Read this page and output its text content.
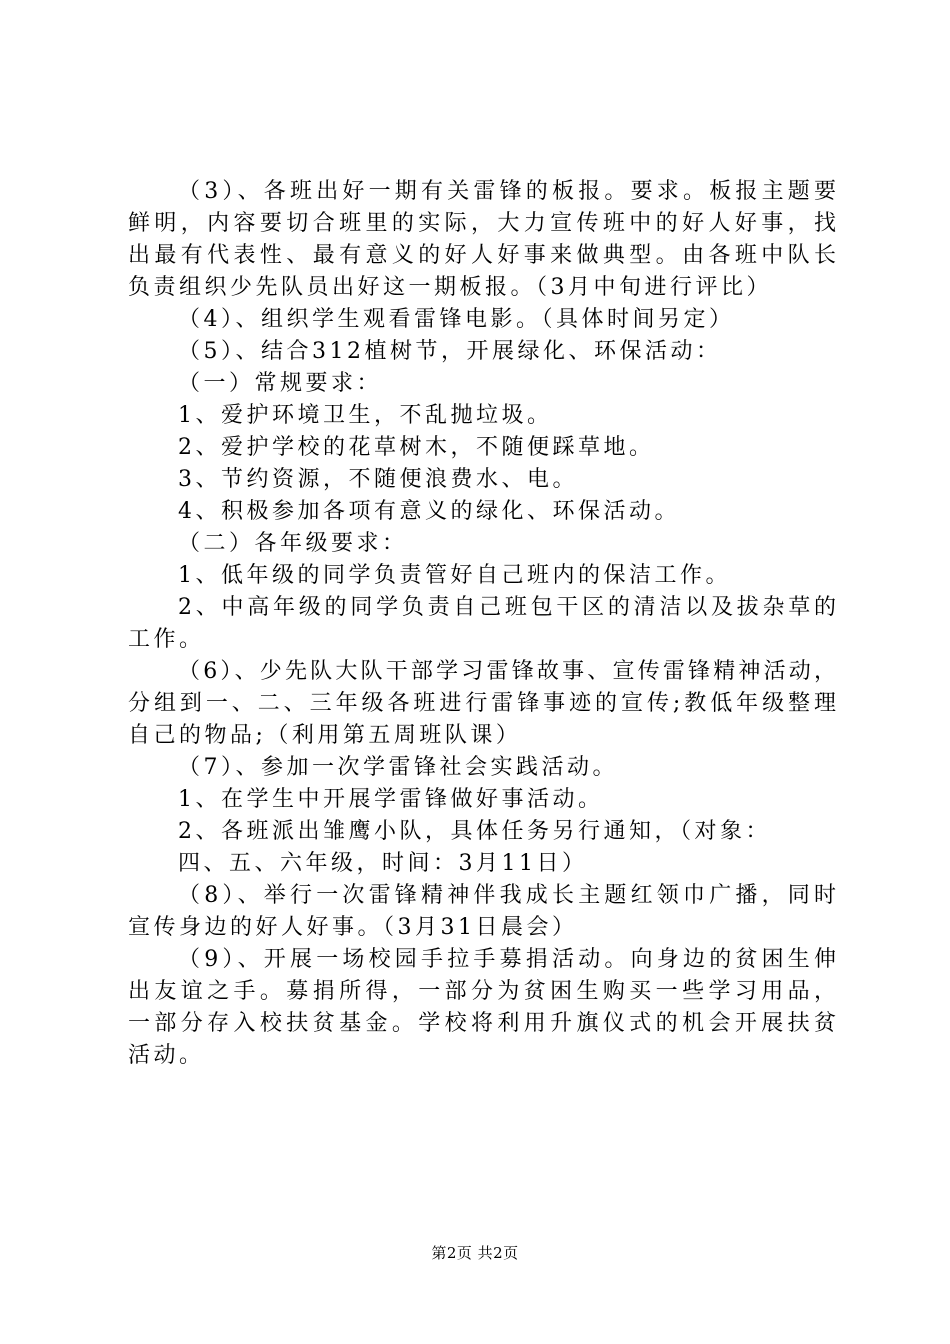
（3）、各班出好一期有关雷锋的板报。要求。板报主题要
鲜明，内容要切合班里的实际，大力宣传班中的好人好事，找
出最有代表性、最有意义的好人好事来做典型。由各班中队长
负责组织少先队员出好这一期板报。（3月中旬进行评比）
（4）、组织学生观看雷锋电影。（具体时间另定）
（5）、结合312植树节，开展绿化、环保活动：
（一）常规要求：
1、爱护环境卫生，不乱抛垃圾。
2、爱护学校的花草树木，不随便踩草地。
3、节约资源，不随便浪费水、电。
4、积极参加各项有意义的绿化、环保活动。
（二）各年级要求：
1、低年级的同学负责管好自己班内的保洁工作。
2、中高年级的同学负责自己班包干区的清洁以及拔杂草的
工作。
（6）、少先队大队干部学习雷锋故事、宣传雷锋精神活动，
分组到一、二、三年级各班进行雷锋事迹的宣传;教低年级整理
自己的物品;（利用第五周班队课）
（7）、参加一次学雷锋社会实践活动。
1、在学生中开展学雷锋做好事活动。
2、各班派出雏鹰小队，具体任务另行通知，（对象：
四、五、六年级，时间：3月11日）
（8）、举行一次雷锋精神伴我成长主题红领巾广播，同时
宣传身边的好人好事。（3月31日晨会）
（9）、开展一场校园手拉手募捐活动。向身边的贫困生伸
出友谊之手。募捐所得，一部分为贫困生购买一些学习用品，
一部分存入校扶贫基金。学校将利用升旗仪式的机会开展扶贫
活动。
第2页 共2页
